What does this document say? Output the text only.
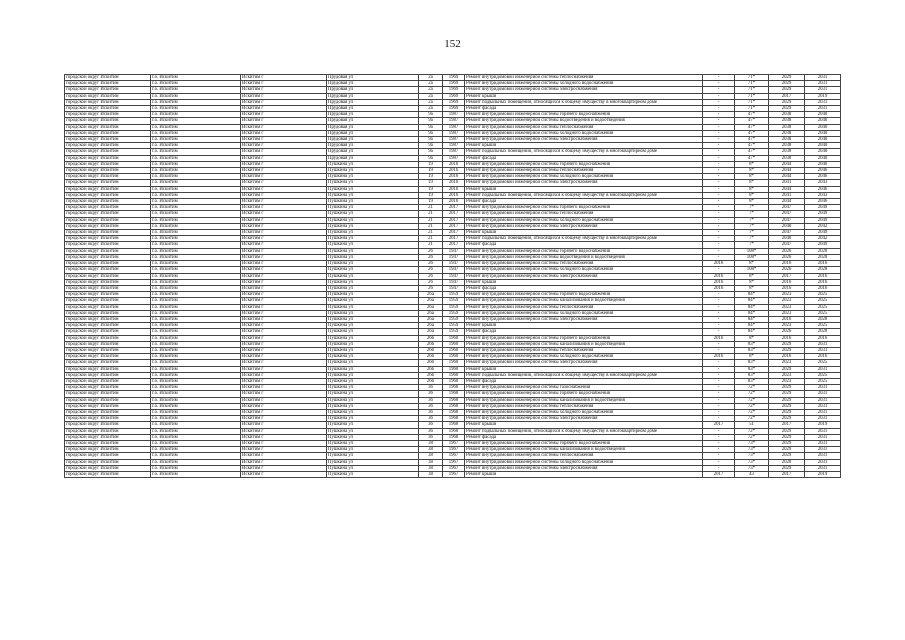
152
городской округ Искитим	г.о. Искитим	Искитим г	Прудовая ул	2а	1969	Ремонт внутридомовой инженерной системы теплоснабжения	-	71*	2029	2031
городской округ Искитим	г.о. Искитим	Искитим г	Прудовая ул	2а	1969	Ремонт внутридомовой инженерной системы холодного водоснабжения	-	71*	2029	2031
городской округ Искитим	г.о. Искитим	Искитим г	Прудовая ул	2а	1969	Ремонт внутридомовой инженерной системы электроснабжения	-	71*	2029	2031
городской округ Искитим	г.о. Искитим	Искитим г	Прудовая ул	2а	1969	Ремонт крыши	-	71*	2017	2019
городской округ Искитим	г.о. Искитим	Искитим г	Прудовая ул	2а	1969	Ремонт подвальных помещений, относящихся к общему имуществу в многоквартирном доме	-	71*	2029	2031
городской округ Искитим	г.о. Искитим	Искитим г	Прудовая ул	2а	1969	Ремонт фасада	-	71*	2029	2031
городской округ Искитим	г.о. Искитим	Искитим г	Прудовая ул	9а	1987	Ремонт внутридомовой инженерной системы горячего водоснабжения	-	47*	2038	2040
городской округ Искитим	г.о. Искитим	Искитим г	Прудовая ул	9а	1987	Ремонт внутридомовой инженерной системы водоотведения и водоотведения	-	47*	2038	2040
городской округ Искитим	г.о. Искитим	Искитим г	Прудовая ул	9а	1987	Ремонт внутридомовой инженерной системы теплоснабжения	-	47*	2038	2040
городской округ Искитим	г.о. Искитим	Искитим г	Прудовая ул	9а	1987	Ремонт внутридомовой инженерной системы холодного водоснабжения	-	47*	2038	2040
городской округ Искитим	г.о. Искитим	Искитим г	Прудовая ул	9а	1987	Ремонт внутридомовой инженерной системы электроснабжения	-	47*	2038	2040
городской округ Искитим	г.о. Искитим	Искитим г	Прудовая ул	9а	1987	Ремонт крыши	-	47*	2038	2040
городской округ Искитим	г.о. Искитим	Искитим г	Прудовая ул	9а	1987	Ремонт подвальных помещений, относящихся к общему имуществу в многоквартирном доме	-	47*	2038	2040
городской округ Искитим	г.о. Искитим	Искитим г	Прудовая ул	9а	1987	Ремонт фасада	-	47*	2038	2040
городской округ Искитим	г.о. Искитим	Искитим г	Пушкина ул	19	2016	Ремонт внутридомовой инженерной системы горячего водоснабжения	-	8*	2044	2046
городской округ Искитим	г.о. Искитим	Искитим г	Пушкина ул	19	2016	Ремонт внутридомовой инженерной системы теплоснабжения	-	8*	2044	2046
городской округ Искитим	г.о. Искитим	Искитим г	Пушкина ул	19	2016	Ремонт внутридомовой инженерной системы холодного водоснабжения	-	8*	2044	2046
городской округ Искитим	г.о. Искитим	Искитим г	Пушкина ул	19	2016	Ремонт внутридомовой инженерной системы электроснабжения	-	8*	2041	2043
городской округ Искитим	г.о. Искитим	Искитим г	Пушкина ул	19	2016	Ремонт крыши	-	8*	2044	2046
городской округ Искитим	г.о. Искитим	Искитим г	Пушкина ул	19	2016	Ремонт подвальных помещений, относящихся к общему имуществу в многоквартирном доме	-	8*	2041	2043
городской округ Искитим	г.о. Искитим	Искитим г	Пушкина ул	19	2016	Ремонт фасада	-	8*	2044	2046
городской округ Искитим	г.о. Искитим	Искитим г	Пушкина ул	21	2017	Ремонт внутридомовой инженерной системы горячего водоснабжения	-	7*	2047	2049
городской округ Искитим	г.о. Искитим	Искитим г	Пушкина ул	21	2017	Ремонт внутридомовой инженерной системы теплоснабжения	-	7*	2047	2049
городской округ Искитим	г.о. Искитим	Искитим г	Пушкина ул	21	2017	Ремонт внутридомовой инженерной системы холодного водоснабжения	-	7*	2047	2049
городской округ Искитим	г.о. Искитим	Искитим г	Пушкина ул	21	2017	Ремонт внутридомовой инженерной системы электроснабжения	-	7*	2040	2042
городской округ Искитим	г.о. Искитим	Искитим г	Пушкина ул	21	2017	Ремонт крыши	-	7*	2047	2049
городской округ Искитим	г.о. Искитим	Искитим г	Пушкина ул	21	2017	Ремонт подвальных помещений, относящихся к общему имуществу в многоквартирном доме	-	7*	2040	2042
городской округ Искитим	г.о. Искитим	Искитим г	Пушкина ул	21	2017	Ремонт фасада	-	7*	2047	2049
городской округ Искитим	г.о. Искитим	Искитим г	Пушкина ул	26	1947	Ремонт внутридомовой инженерной системы горячего водоснабжения	-	108*	2026	2028
городской округ Искитим	г.о. Искитим	Искитим г	Пушкина ул	26	1947	Ремонт внутридомовой инженерной системы водоотведения и водоотведения	-	108*	2026	2028
городской округ Искитим	г.о. Искитим	Искитим г	Пушкина ул	26	1947	Ремонт внутридомовой инженерной системы теплоснабжения	2016	8*	2016	2016
городской округ Искитим	г.о. Искитим	Искитим г	Пушкина ул	26	1947	Ремонт внутридомовой инженерной системы холодного водоснабжения	-	108*	2026	2028
городской округ Искитим	г.о. Искитим	Искитим г	Пушкина ул	26	1947	Ремонт внутридомовой инженерной системы электроснабжения	2016	8*	2017	2016
городской округ Искитим	г.о. Искитим	Искитим г	Пушкина ул	26	1947	Ремонт крыши	2016	8*	2016	2016
городской округ Искитим	г.о. Искитим	Искитим г	Пушкина ул	26	1947	Ремонт фасада	2016	8*	2016	2016
городской округ Искитим	г.о. Искитим	Искитим г	Пушкина ул	26а	1959	Ремонт внутридомовой инженерной системы горячего водоснабжения	-	84*	2023	2025
городской округ Искитим	г.о. Искитим	Искитим г	Пушкина ул	26а	1959	Ремонт внутридомовой инженерной системы канализования и водоотведения	-	84*	2023	2025
городской округ Искитим	г.о. Искитим	Искитим г	Пушкина ул	26а	1959	Ремонт внутридомовой инженерной системы теплоснабжения	-	84*	2023	2025
городской округ Искитим	г.о. Искитим	Искитим г	Пушкина ул	26а	1959	Ремонт внутридомовой инженерной системы холодного водоснабжения	-	84*	2023	2025
городской округ Искитим	г.о. Искитим	Искитим г	Пушкина ул	26а	1959	Ремонт внутридомовой инженерной системы электроснабжения	-	84*	2016	2028
городской округ Искитим	г.о. Искитим	Искитим г	Пушкина ул	26а	1959	Ремонт крыши	-	84*	2023	2025
городской округ Искитим	г.о. Искитим	Искитим г	Пушкина ул	26а	1959	Ремонт фасада	-	84*	2026	2028
городской округ Искитим	г.о. Искитим	Искитим г	Пушкина ул	26б	1960	Ремонт внутридомовой инженерной системы горячего водоснабжения	2016	8*	2016	2016
городской округ Искитим	г.о. Искитим	Искитим г	Пушкина ул	26б	1960	Ремонт внутридомовой инженерной системы канализования и водоотведения	-	83*	2029	2031
городской округ Искитим	г.о. Искитим	Искитим г	Пушкина ул	26б	1960	Ремонт внутридомовой инженерной системы теплоснабжения	-	83*	2029	2031
городской округ Искитим	г.о. Искитим	Искитим г	Пушкина ул	26б	1960	Ремонт внутридомовой инженерной системы холодного водоснабжения	2016	8*	2016	2016
городской округ Искитим	г.о. Искитим	Искитим г	Пушкина ул	26б	1960	Ремонт внутридомовой инженерной системы электроснабжения	-	83*	2023	2025
городской округ Искитим	г.о. Искитим	Искитим г	Пушкина ул	26б	1960	Ремонт крыши	-	83*	2029	2031
городской округ Искитим	г.о. Искитим	Искитим г	Пушкина ул	26б	1960	Ремонт подвальных помещений, относящихся к общему имуществу в многоквартирном доме	-	83*	2023	2025
городской округ Искитим	г.о. Искитим	Искитим г	Пушкина ул	26б	1960	Ремонт фасада	-	83*	2023	2025
городской округ Искитим	г.о. Искитим	Искитим г	Пушкина ул	36	1968	Ремонт внутридомовой инженерной системы газоснабжения	-	72*	2029	2031
городской округ Искитим	г.о. Искитим	Искитим г	Пушкина ул	36	1968	Ремонт внутридомовой инженерной системы горячего водоснабжения	-	72*	2029	2031
городской округ Искитим	г.о. Искитим	Искитим г	Пушкина ул	36	1968	Ремонт внутридомовой инженерной системы канализования и водоотведения	-	72*	2029	2031
городской округ Искитим	г.о. Искитим	Искитим г	Пушкина ул	36	1968	Ремонт внутридомовой инженерной системы теплоснабжения	-	72*	2029	2031
городской округ Искитим	г.о. Искитим	Искитим г	Пушкина ул	36	1968	Ремонт внутридомовой инженерной системы холодного водоснабжения	-	72*	2029	2031
городской округ Искитим	г.о. Искитим	Искитим г	Пушкина ул	36	1968	Ремонт внутридомовой инженерной системы электроснабжения	-	72*	2029	2031
городской округ Искитим	г.о. Искитим	Искитим г	Пушкина ул	36	1968	Ремонт крыши	2017	51	2017	2019
городской округ Искитим	г.о. Искитим	Искитим г	Пушкина ул	36	1968	Ремонт подвальных помещений, относящихся к общему имуществу в многоквартирном доме	-	72*	2029	2031
городской округ Искитим	г.о. Искитим	Искитим г	Пушкина ул	36	1968	Ремонт фасада	-	72*	2029	2031
городской округ Искитим	г.о. Искитим	Искитим г	Пушкина ул	38	1967	Ремонт внутридомовой инженерной системы горячего водоснабжения	-	73*	2029	2031
городской округ Искитим	г.о. Искитим	Искитим г	Пушкина ул	38	1967	Ремонт внутридомовой инженерной системы канализования и водоотведения	-	73*	2029	2031
городской округ Искитим	г.о. Искитим	Искитим г	Пушкина ул	38	1967	Ремонт внутридомовой инженерной системы теплоснабжения	-	73*	2029	2031
городской округ Искитим	г.о. Искитим	Искитим г	Пушкина ул	38	1967	Ремонт внутридомовой инженерной системы холодного водоснабжения	-	73*	2028	2031
городской округ Искитим	г.о. Искитим	Искитим г	Пушкина ул	38	1967	Ремонт внутридомовой инженерной системы электроснабжения	-	73*	2029	2031
городской округ Искитим	г.о. Искитим	Искитим г	Пушкина ул	38	1967	Ремонт крыши	2017	43	2017	2019
